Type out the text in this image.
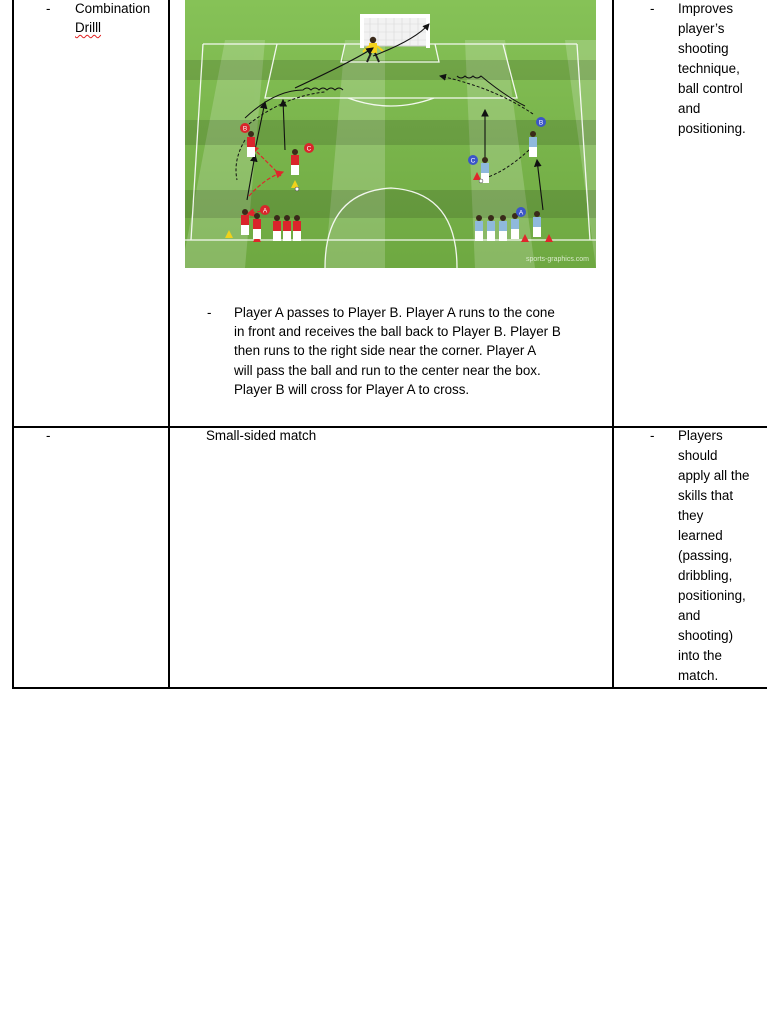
- Combination
Drilll
A
B
C
A
B
C
sports-graphics.com
- Player A passes to Player B. Player A runs to the cone
in front and receives the ball back to Player B. Player B
then runs to the right side near the corner. Player A
will pass the ball and run to the center near the box.
Player B will cross for Player A to cross.
- Improves
player’s
shooting
technique,
ball control
and
positioning.
-	Small-sided match	- Players
should
apply all the
skills that
they
learned
(passing,
dribbling,
positioning,
and
shooting)
into the
match.
